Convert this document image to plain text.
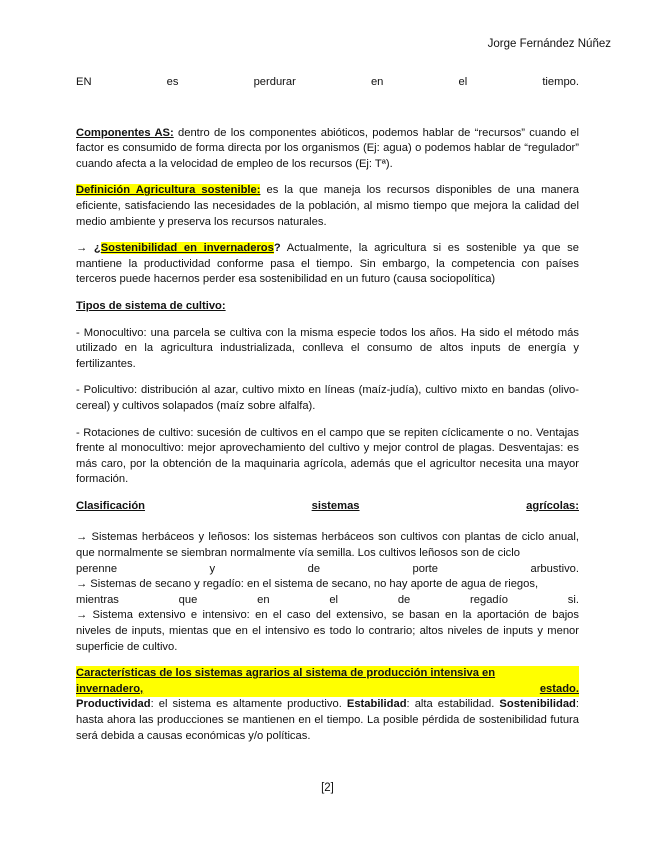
Jorge Fernández Núñez

EN	es	perdurar	en	el	tiempo.

Componentes AS: dentro de los componentes abióticos, podemos hablar de “recursos” cuando el factor es consumido de forma directa por los organismos (Ej: agua) o podemos hablar de “regulador” cuando afecta a la velocidad de empleo de los recursos (Ej: Tª).

Definición Agricultura sostenible: es la que maneja los recursos disponibles de una manera eficiente, satisfaciendo las necesidades de la población, al mismo tiempo que mejora la calidad del medio ambiente y preserva los recursos naturales.

→ ¿Sostenibilidad en invernaderos? Actualmente, la agricultura si es sostenible ya que se mantiene la productividad conforme pasa el tiempo. Sin embargo, la competencia con países terceros puede hacernos perder esa sostenibilidad en un futuro (causa sociopolítica)

Tipos de sistema de cultivo:

- Monocultivo: una parcela se cultiva con la misma especie todos los años. Ha sido el método más utilizado en la agricultura industrializada, conlleva el consumo de altos inputs de energía y fertilizantes.

- Policultivo: distribución al azar, cultivo mixto en líneas (maíz-judía), cultivo mixto en bandas (olivo-cereal) y cultivos solapados (maíz sobre alfalfa).

- Rotaciones de cultivo: sucesión de cultivos en el campo que se repiten cíclicamente o no. Ventajas frente al monocultivo: mejor aprovechamiento del cultivo y mejor control de plagas. Desventajas: es más caro, por la obtención de la maquinaria agrícola, además que el agricultor necesita una mayor formación.

Clasificación	sistemas	agrícolas:

→ Sistemas herbáceos y leñosos: los sistemas herbáceos son cultivos con plantas de ciclo anual, que normalmente se siembran normalmente vía semilla. Los cultivos leñosos son de ciclo

perenne	y	de	porte	arbustivo.

→ Sistemas de secano y regadío: en el sistema de secano, no hay aporte de agua de riegos,

mientras	que	en	el	de	regadío	si.

→ Sistema extensivo e intensivo: en el caso del extensivo, se basan en la aportación de bajos niveles de inputs, mientas que en el intensivo es todo lo contrario; altos niveles de inputs y menor superficie de cultivo.

Características de los sistemas agrarios al sistema de producción intensiva en

invernadero,	estado.

Productividad: el sistema es altamente productivo. Estabilidad: alta estabilidad. Sostenibilidad: hasta ahora las producciones se mantienen en el tiempo. La posible pérdida de sostenibilidad futura será debida a causas económicas y/o políticas.

[2]
